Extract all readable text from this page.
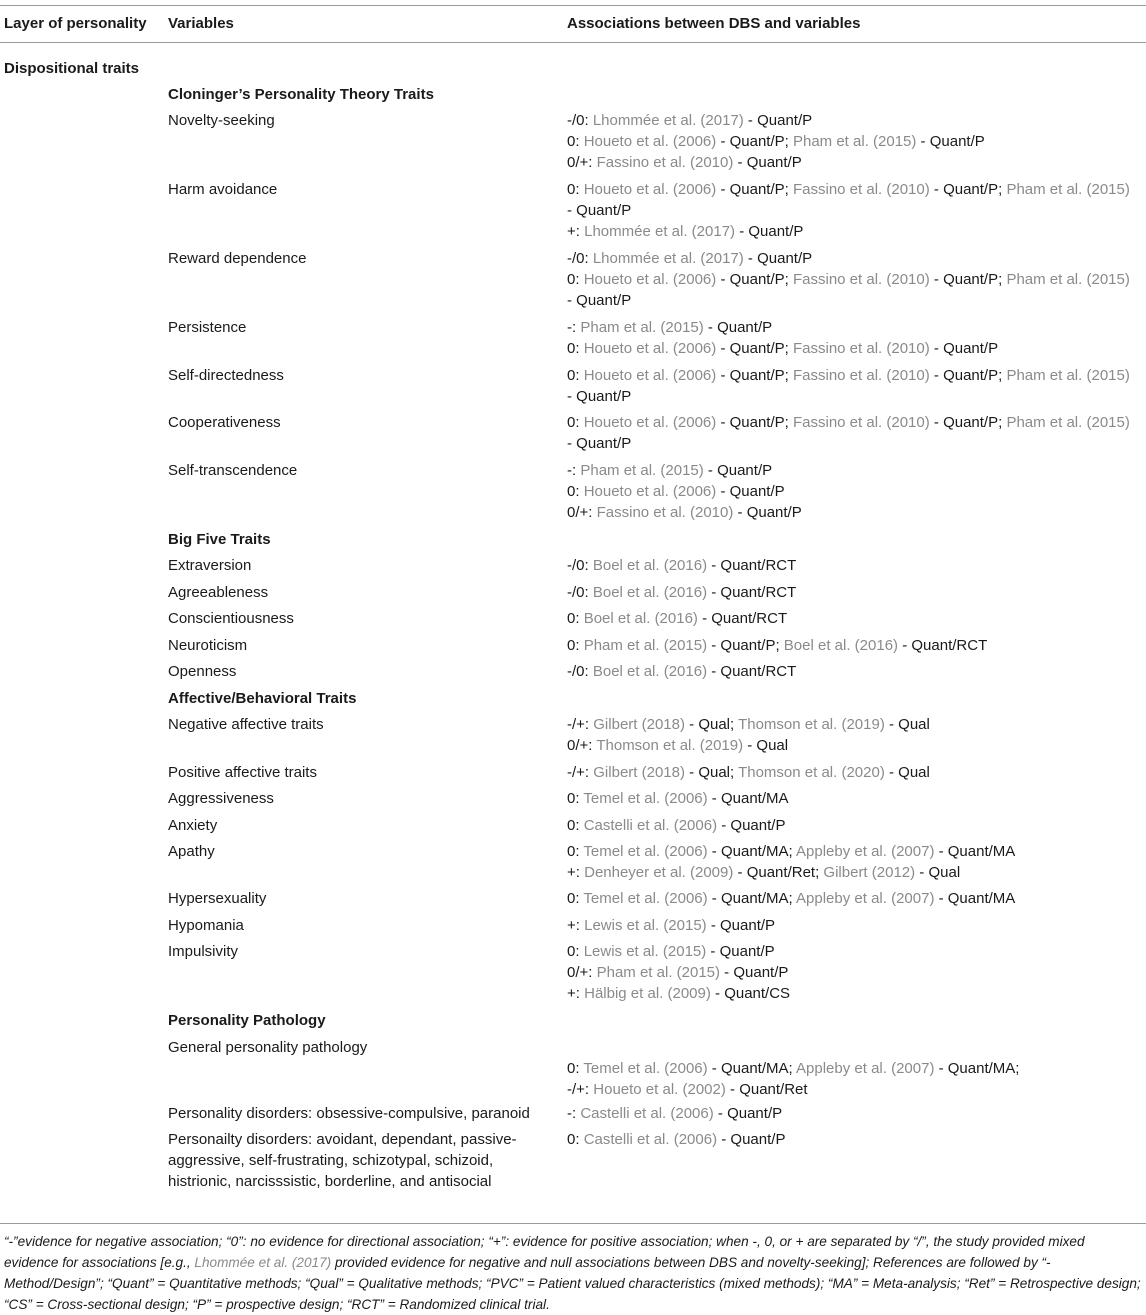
Layer of personality Variables	Associations between DBS and variables
Dispositional traits
Cloninger’s Personality Theory Traits
Novelty-seeking	-/0: Lhommée et al. (2017) - Quant/P
0: Houeto et al. (2006) - Quant/P; Pham et al. (2015) - Quant/P
0/+: Fassino et al. (2010) - Quant/P
Harm avoidance	0: Houeto et al. (2006) - Quant/P; Fassino et al. (2010) - Quant/P; Pham et al. (2015)
- Quant/P
+: Lhommée et al. (2017) - Quant/P
Reward dependence	-/0: Lhommée et al. (2017) - Quant/P
0: Houeto et al. (2006) - Quant/P; Fassino et al. (2010) - Quant/P; Pham et al. (2015)
- Quant/P
Persistence	-: Pham et al. (2015) - Quant/P
0: Houeto et al. (2006) - Quant/P; Fassino et al. (2010) - Quant/P
Self-directedness	0: Houeto et al. (2006) - Quant/P; Fassino et al. (2010) - Quant/P; Pham et al. (2015)
- Quant/P
Cooperativeness	0: Houeto et al. (2006) - Quant/P; Fassino et al. (2010) - Quant/P; Pham et al. (2015)
- Quant/P
Self-transcendence	-: Pham et al. (2015) - Quant/P
0: Houeto et al. (2006) - Quant/P
0/+: Fassino et al. (2010) - Quant/P
Big Five Traits
Extraversion	-/0: Boel et al. (2016) - Quant/RCT
Agreeableness	-/0: Boel et al. (2016) - Quant/RCT
Conscientiousness	0: Boel et al. (2016) - Quant/RCT
Neuroticism	0: Pham et al. (2015) - Quant/P; Boel et al. (2016) - Quant/RCT
Openness	-/0: Boel et al. (2016) - Quant/RCT
Affective/Behavioral Traits
Negative affective traits	-/+: Gilbert (2018) - Qual; Thomson et al. (2019) - Qual
0/+: Thomson et al. (2019) - Qual
Positive affective traits	-/+: Gilbert (2018) - Qual; Thomson et al. (2020) - Qual
Aggressiveness	0: Temel et al. (2006) - Quant/MA
Anxiety	0: Castelli et al. (2006) - Quant/P
Apathy	0: Temel et al. (2006) - Quant/MA; Appleby et al. (2007) - Quant/MA
+: Denheyer et al. (2009) - Quant/Ret; Gilbert (2012) - Qual
Hypersexuality	0: Temel et al. (2006) - Quant/MA; Appleby et al. (2007) - Quant/MA
Hypomania	+: Lewis et al. (2015) - Quant/P
Impulsivity	0: Lewis et al. (2015) - Quant/P
0/+: Pham et al. (2015) - Quant/P
+: Hälbig et al. (2009) - Quant/CS
Personality Pathology
General personality pathology

0: Temel et al. (2006) - Quant/MA; Appleby et al. (2007) - Quant/MA;
-/+: Houeto et al. (2002) - Quant/Ret
Personality disorders: obsessive-compulsive, paranoid	-: Castelli et al. (2006) - Quant/P
Personailty disorders: avoidant, dependant, passive-aggressive, self-frustrating, schizotypal, schizoid, histrionic, narcisssistic, borderline, and antisocial
0: Castelli et al. (2006) - Quant/P
“-”evidence for negative association; “0”: no evidence for directional association; “+”: evidence for positive association; when -, 0, or + are separated by “/”, the study provided mixed evidence for associations [e.g., Lhommée et al. (2017) provided evidence for negative and null associations between DBS and novelty-seeking]; References are followed by “-Method/Design”; “Quant” = Quantitative methods; “Qual” = Qualitative methods; “PVC” = Patient valued characteristics (mixed methods); “MA” = Meta-analysis; “Ret” = Retrospective design; “CS” = Cross-sectional design; “P” = prospective design; “RCT” = Randomized clinical trial.
